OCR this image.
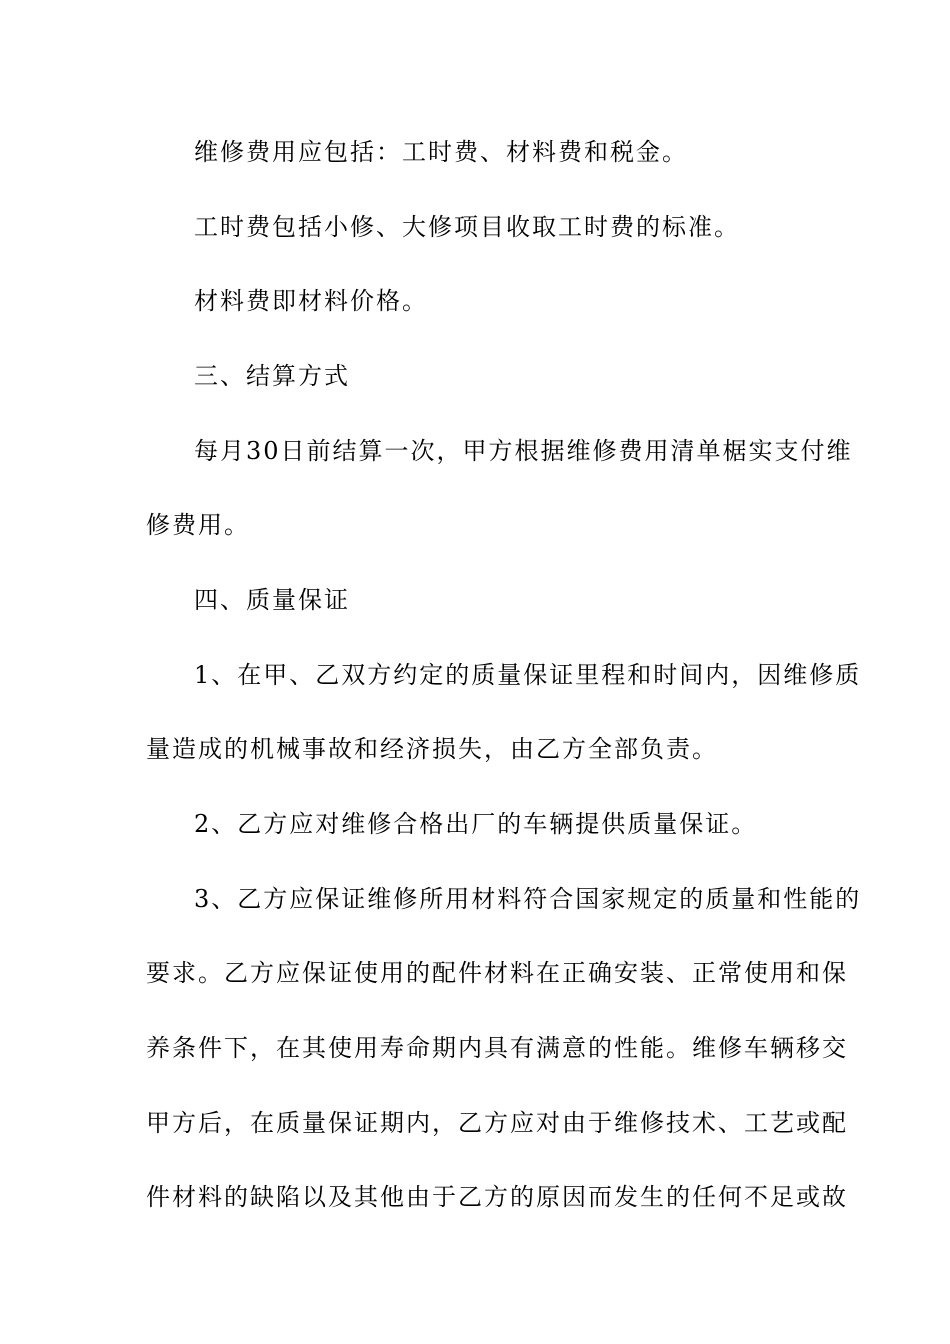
维修费用应包括：工时费、材料费和税金。
工时费包括小修、大修项目收取工时费的标准。
材料费即材料价格。
三、结算方式
每月30日前结算一次，甲方根据维修费用清单椐实支付维
修费用。
四、质量保证
1、在甲、乙双方约定的质量保证里程和时间内，因维修质
量造成的机械事故和经济损失，由乙方全部负责。
2、乙方应对维修合格出厂的车辆提供质量保证。
3、乙方应保证维修所用材料符合国家规定的质量和性能的
要求。乙方应保证使用的配件材料在正确安装、正常使用和保
养条件下，在其使用寿命期内具有满意的性能。维修车辆移交
甲方后，在质量保证期内，乙方应对由于维修技术、工艺或配
件材料的缺陷以及其他由于乙方的原因而发生的任何不足或故
